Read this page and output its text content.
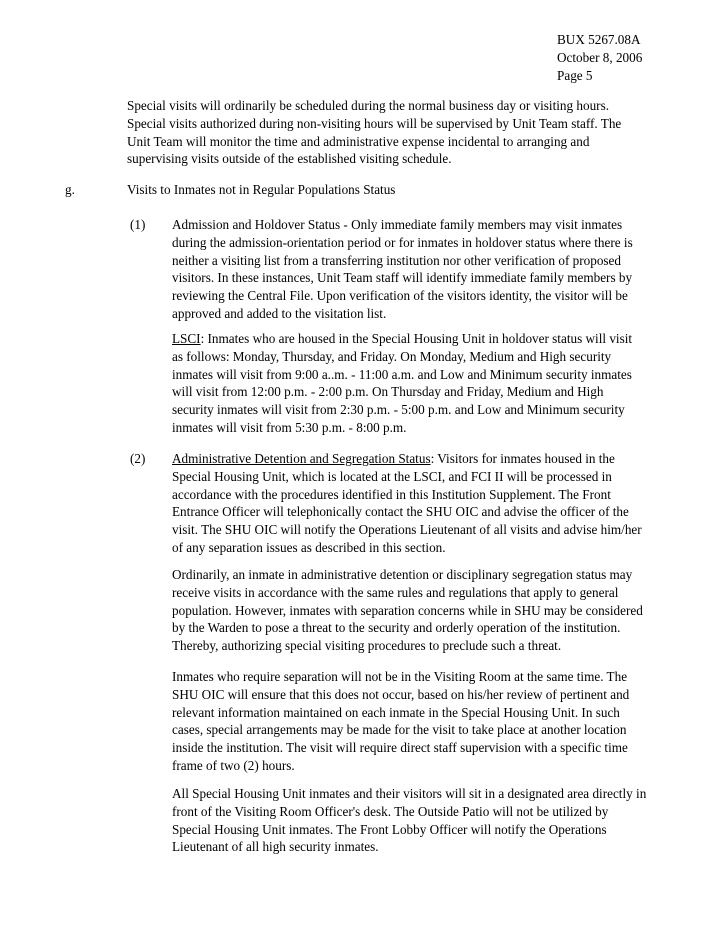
BUX 5267.08A
October 8, 2006
Page 5
Special visits will ordinarily be scheduled during the normal business day or visiting hours.
Special visits authorized during non-visiting hours will be supervised by Unit Team staff. The
Unit Team will monitor the time and administrative expense incidental to arranging and
supervising visits outside of the established visiting schedule.
g.	Visits to Inmates not in Regular Populations Status
(1) Admission and Holdover Status - Only immediate family members may visit inmates
during the admission-orientation period or for inmates in holdover status where there is
neither a visiting list from a transferring institution nor other verification of proposed
visitors. In these instances, Unit Team staff will identify immediate family members by
reviewing the Central File. Upon verification of the visitors identity, the visitor will be
approved and added to the visitation list.
LSCI: Inmates who are housed in the Special Housing Unit in holdover status will visit
as follows: Monday, Thursday, and Friday. On Monday, Medium and High security
inmates will visit from 9:00 a..m. - 11:00 a.m. and Low and Minimum security inmates
will visit from 12:00 p.m. - 2:00 p.m. On Thursday and Friday, Medium and High
security inmates will visit from 2:30 p.m. - 5:00 p.m. and Low and Minimum security
inmates will visit from 5:30 p.m. - 8:00 p.m.
(2) Administrative Detention and Segregation Status: Visitors for inmates housed in the
Special Housing Unit, which is located at the LSCI, and FCI II will be processed in
accordance with the procedures identified in this Institution Supplement. The Front
Entrance Officer will telephonically contact the SHU OIC and advise the officer of the
visit. The SHU OIC will notify the Operations Lieutenant of all visits and advise him/her
of any separation issues as described in this section.
Ordinarily, an inmate in administrative detention or disciplinary segregation status may
receive visits in accordance with the same rules and regulations that apply to general
population. However, inmates with separation concerns while in SHU may be considered
by the Warden to pose a threat to the security and orderly operation of the institution.
Thereby, authorizing special visiting procedures to preclude such a threat.
Inmates who require separation will not be in the Visiting Room at the same time. The
SHU OIC will ensure that this does not occur, based on his/her review of pertinent and
relevant information maintained on each inmate in the Special Housing Unit. In such
cases, special arrangements may be made for the visit to take place at another location
inside the institution. The visit will require direct staff supervision with a specific time
frame of two (2) hours.
All Special Housing Unit inmates and their visitors will sit in a designated area directly in
front of the Visiting Room Officer's desk. The Outside Patio will not be utilized by
Special Housing Unit inmates. The Front Lobby Officer will notify the Operations
Lieutenant of all high security inmates.
